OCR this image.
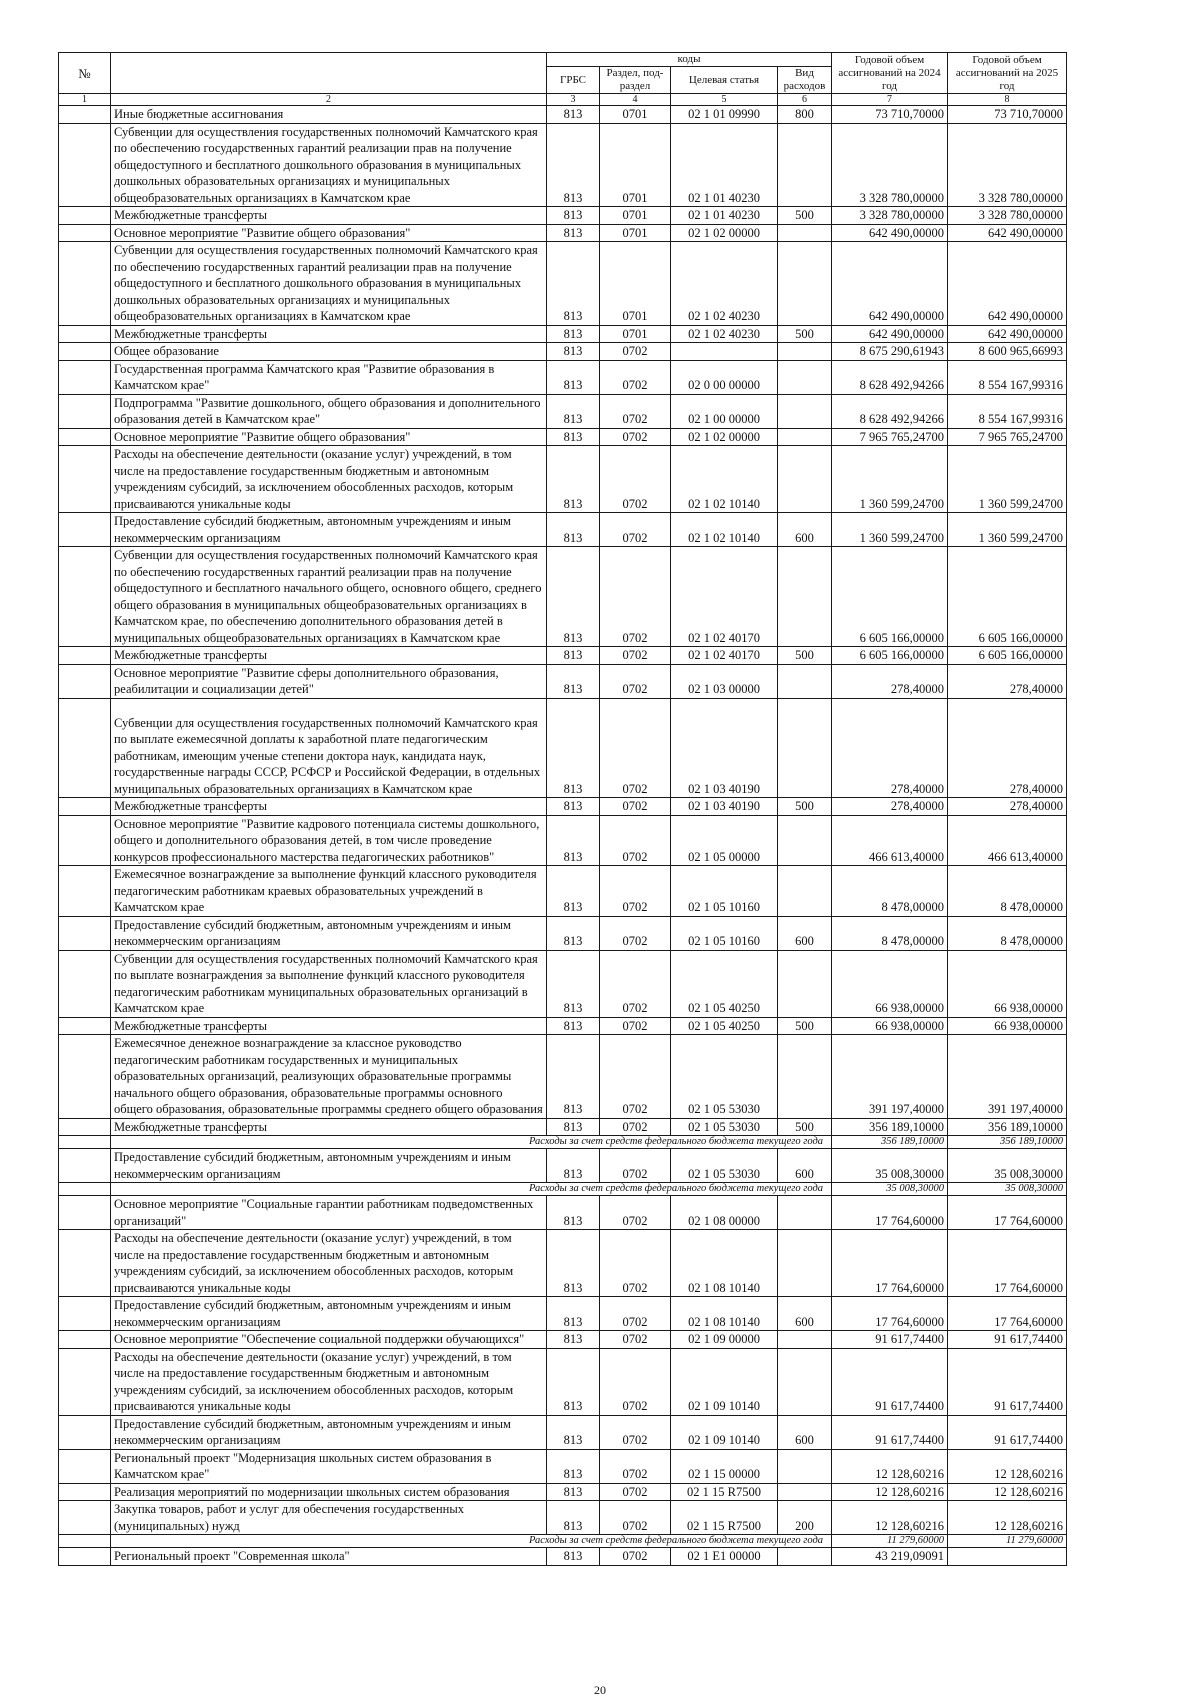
№		коды				Годовой объем ассигнований на 2024 год	Годовой объем ассигнований на 2025 год
		ГРБС	Раздел, под-раздел	Целевая статья	Вид расходов		
1	2	3	4	5	6	7	8
	Иные бюджетные ассигнования	813	0701	02 1 01 09990	800	73 710,70000	73 710,70000
	Субвенции для осуществления государственных полномочий Камчатского края по обеспечению государственных гарантий реализации прав на получение общедоступного и бесплатного дошкольного образования в муниципальных дошкольных образовательных организациях и муниципальных общеобразовательных организациях в Камчатском крае	813	0701	02 1 01 40230		3 328 780,00000	3 328 780,00000
	Межбюджетные трансферты	813	0701	02 1 01 40230	500	3 328 780,00000	3 328 780,00000
	Основное мероприятие "Развитие общего образования"	813	0701	02 1 02 00000		642 490,00000	642 490,00000
	Субвенции для осуществления государственных полномочий Камчатского края по обеспечению государственных гарантий реализации прав на получение общедоступного и бесплатного дошкольного образования в муниципальных дошкольных образовательных организациях и муниципальных общеобразовательных организациях в Камчатском крае	813	0701	02 1 02 40230		642 490,00000	642 490,00000
	Межбюджетные трансферты	813	0701	02 1 02 40230	500	642 490,00000	642 490,00000
	Общее образование	813	0702			8 675 290,61943	8 600 965,66993
	Государственная программа Камчатского края "Развитие образования в Камчатском крае"	813	0702	02 0 00 00000		8 628 492,94266	8 554 167,99316
	Подпрограмма "Развитие дошкольного, общего образования и дополнительного образования детей в Камчатском крае"	813	0702	02 1 00 00000		8 628 492,94266	8 554 167,99316
	Основное мероприятие "Развитие общего образования"	813	0702	02 1 02 00000		7 965 765,24700	7 965 765,24700
	Расходы на обеспечение деятельности (оказание услуг) учреждений, в том числе на предоставление государственным бюджетным и автономным учреждениям субсидий, за исключением обособленных расходов, которым присваиваются уникальные коды	813	0702	02 1 02 10140		1 360 599,24700	1 360 599,24700
	Предоставление субсидий бюджетным, автономным учреждениям и иным некоммерческим организациям	813	0702	02 1 02 10140	600	1 360 599,24700	1 360 599,24700
	Субвенции для осуществления государственных полномочий Камчатского края по обеспечению государственных гарантий реализации прав на получение общедоступного и бесплатного начального общего, основного общего, среднего общего образования в муниципальных общеобразовательных организациях в Камчатском крае, по обеспечению дополнительного образования детей в муниципальных общеобразовательных организациях в Камчатском крае	813	0702	02 1 02 40170		6 605 166,00000	6 605 166,00000
	Межбюджетные трансферты	813	0702	02 1 02 40170	500	6 605 166,00000	6 605 166,00000
	Основное мероприятие "Развитие сферы дополнительного образования, реабилитации и социализации детей"	813	0702	02 1 03 00000		278,40000	278,40000
	Субвенции для осуществления государственных полномочий Камчатского края по выплате ежемесячной доплаты к заработной плате педагогическим работникам, имеющим ученые степени доктора наук, кандидата наук, государственные награды СССР, РСФСР и Российской Федерации, в отдельных муниципальных образовательных организациях в Камчатском крае	813	0702	02 1 03 40190		278,40000	278,40000
	Межбюджетные трансферты	813	0702	02 1 03 40190	500	278,40000	278,40000
	Основное мероприятие "Развитие кадрового потенциала системы дошкольного, общего и дополнительного образования детей, в том числе проведение конкурсов профессионального мастерства педагогических работников"	813	0702	02 1 05 00000		466 613,40000	466 613,40000
	Ежемесячное вознаграждение за выполнение функций классного руководителя педагогическим работникам краевых образовательных учреждений в Камчатском крае	813	0702	02 1 05 10160		8 478,00000	8 478,00000
	Предоставление субсидий бюджетным, автономным учреждениям и иным некоммерческим организациям	813	0702	02 1 05 10160	600	8 478,00000	8 478,00000
	Субвенции для осуществления государственных полномочий Камчатского края по выплате вознаграждения за выполнение функций классного руководителя педагогическим работникам муниципальных образовательных организаций в Камчатском крае	813	0702	02 1 05 40250		66 938,00000	66 938,00000
	Межбюджетные трансферты	813	0702	02 1 05 40250	500	66 938,00000	66 938,00000
	Ежемесячное денежное вознаграждение за классное руководство педагогическим работникам государственных и муниципальных образовательных организаций, реализующих образовательные программы начального общего образования, образовательные программы основного общего образования, образовательные программы среднего общего образования	813	0702	02 1 05 53030		391 197,40000	391 197,40000
	Межбюджетные трансферты	813	0702	02 1 05 53030	500	356 189,10000	356 189,10000
	Расходы за счет средств федерального бюджета текущего года					356 189,10000	356 189,10000
	Предоставление субсидий бюджетным, автономным учреждениям и иным некоммерческим организациям	813	0702	02 1 05 53030	600	35 008,30000	35 008,30000
	Расходы за счет средств федерального бюджета текущего года					35 008,30000	35 008,30000
	Основное мероприятие "Социальные гарантии работникам подведомственных организаций"	813	0702	02 1 08 00000		17 764,60000	17 764,60000
	Расходы на обеспечение деятельности (оказание услуг) учреждений, в том числе на предоставление государственным бюджетным и автономным учреждениям субсидий, за исключением обособленных расходов, которым присваиваются уникальные коды	813	0702	02 1 08 10140		17 764,60000	17 764,60000
	Предоставление субсидий бюджетным, автономным учреждениям и иным некоммерческим организациям	813	0702	02 1 08 10140	600	17 764,60000	17 764,60000
	Основное мероприятие "Обеспечение социальной поддержки обучающихся"	813	0702	02 1 09 00000		91 617,74400	91 617,74400
	Расходы на обеспечение деятельности (оказание услуг) учреждений, в том числе на предоставление государственным бюджетным и автономным учреждениям субсидий, за исключением обособленных расходов, которым присваиваются уникальные коды	813	0702	02 1 09 10140		91 617,74400	91 617,74400
	Предоставление субсидий бюджетным, автономным учреждениям и иным некоммерческим организациям	813	0702	02 1 09 10140	600	91 617,74400	91 617,74400
	Региональный проект "Модернизация школьных систем образования в Камчатском крае"	813	0702	02 1 15 00000		12 128,60216	12 128,60216
	Реализация мероприятий по модернизации школьных систем образования	813	0702	02 1 15 R7500		12 128,60216	12 128,60216
	Закупка товаров, работ и услуг для обеспечения государственных (муниципальных) нужд	813	0702	02 1 15 R7500	200	12 128,60216	12 128,60216
	Расходы за счет средств федерального бюджета текущего года					11 279,60000	11 279,60000
	Региональный проект "Современная школа"	813	0702	02 1 E1 00000		43 219,09091	
20
